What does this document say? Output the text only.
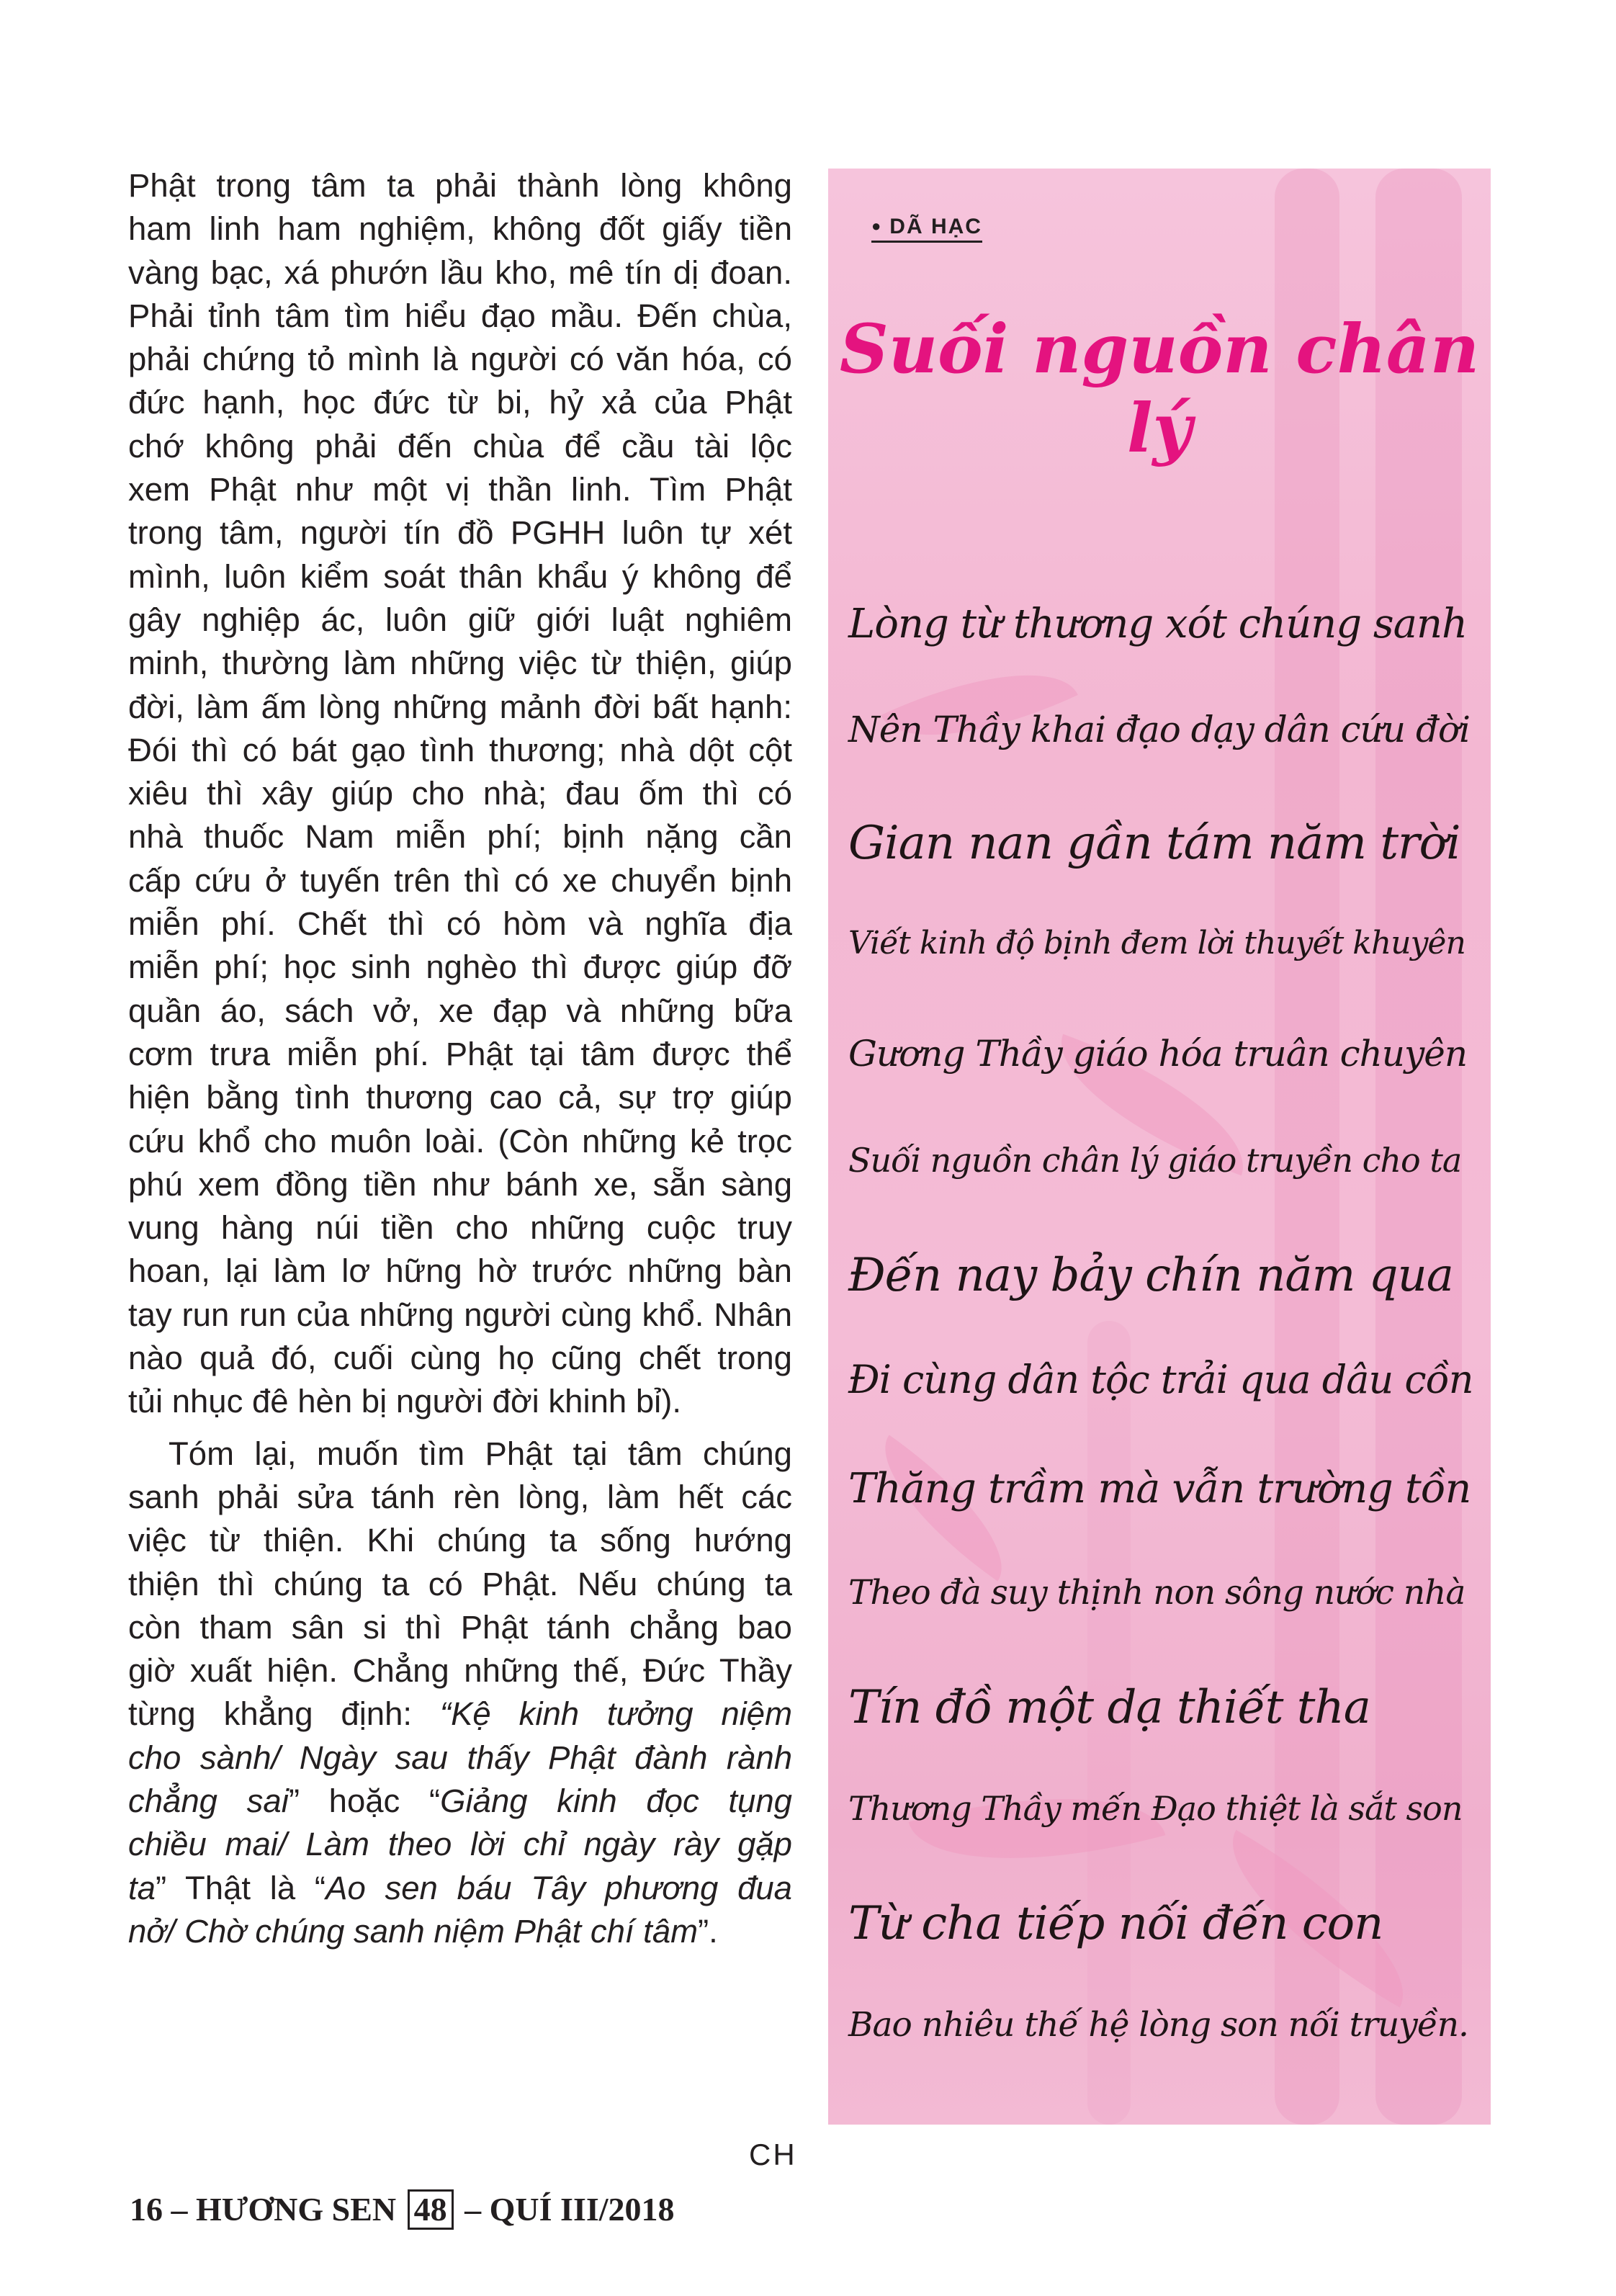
Phật trong tâm ta phải thành lòng không
ham linh ham nghiệm, không đốt giấy tiền
vàng bạc, xá phướn lầu kho, mê tín dị đoan.
Phải tỉnh tâm tìm hiểu đạo mầu. Đến chùa,
phải chứng tỏ mình là người có văn hóa, có
đức hạnh, học đức từ bi, hỷ xả của Phật
chớ không phải đến chùa để cầu tài lộc
xem Phật như một vị thần linh. Tìm Phật
trong tâm, người tín đồ PGHH luôn tự xét
mình, luôn kiểm soát thân khẩu ý không để
gây nghiệp ác, luôn giữ giới luật nghiêm
minh, thường làm những việc từ thiện, giúp
đời, làm ấm lòng những mảnh đời bất hạnh:
Đói thì có bát gạo tình thương; nhà dột cột
xiêu thì xây giúp cho nhà; đau ốm thì có
nhà thuốc Nam miễn phí; bịnh nặng cần
cấp cứu ở tuyến trên thì có xe chuyển bịnh
miễn phí. Chết thì có hòm và nghĩa địa
miễn phí; học sinh nghèo thì được giúp đỡ
quần áo, sách vở, xe đạp và những bữa
cơm trưa miễn phí. Phật tại tâm được thể
hiện bằng tình thương cao cả, sự trợ giúp
cứu khổ cho muôn loài. (Còn những kẻ trọc
phú xem đồng tiền như bánh xe, sẵn sàng
vung hàng núi tiền cho những cuộc truy
hoan, lại làm lơ hững hờ trước những bàn
tay run run của những người cùng khổ. Nhân
nào quả đó, cuối cùng họ cũng chết trong
tủi nhục đê hèn bị người đời khinh bỉ).
Tóm lại, muốn tìm Phật tại tâm chúng
sanh phải sửa tánh rèn lòng, làm hết các
việc từ thiện. Khi chúng ta sống hướng
thiện thì chúng ta có Phật. Nếu chúng ta
còn tham sân si thì Phật tánh chẳng bao
giờ xuất hiện. Chẳng những thế, Đức Thầy
từng khẳng định: “Kệ kinh tưởng niệm
cho sành/ Ngày sau thấy Phật đành rành
chẳng sai” hoặc “Giảng kinh đọc tụng
chiều mai/ Làm theo lời chỉ ngày rày gặp
ta” Thật là “Ao sen báu Tây phương đua
nở/ Chờ chúng sanh niệm Phật chí tâm”.
CH
● DÃ HẠC
Suối nguồn chân lý
Lòng từ thương xót chúng sanh
Nên Thầy khai đạo dạy dân cứu đời
Gian nan gần tám năm trời
Viết kinh độ bịnh đem lời thuyết khuyên
Gương Thầy giáo hóa truân chuyên
Suối nguồn chân lý giáo truyền cho ta
Đến nay bảy chín năm qua
Đi cùng dân tộc trải qua dâu cồn
Thăng trầm mà vẫn trường tồn
Theo đà suy thịnh non sông nước nhà
Tín đồ một dạ thiết tha
Thương Thầy mến Đạo thiệt là sắt son
Từ cha tiếp nối đến con
Bao nhiêu thế hệ lòng son nối truyền.
16 – HƯƠNG SEN 48 – QUÍ III/2018
